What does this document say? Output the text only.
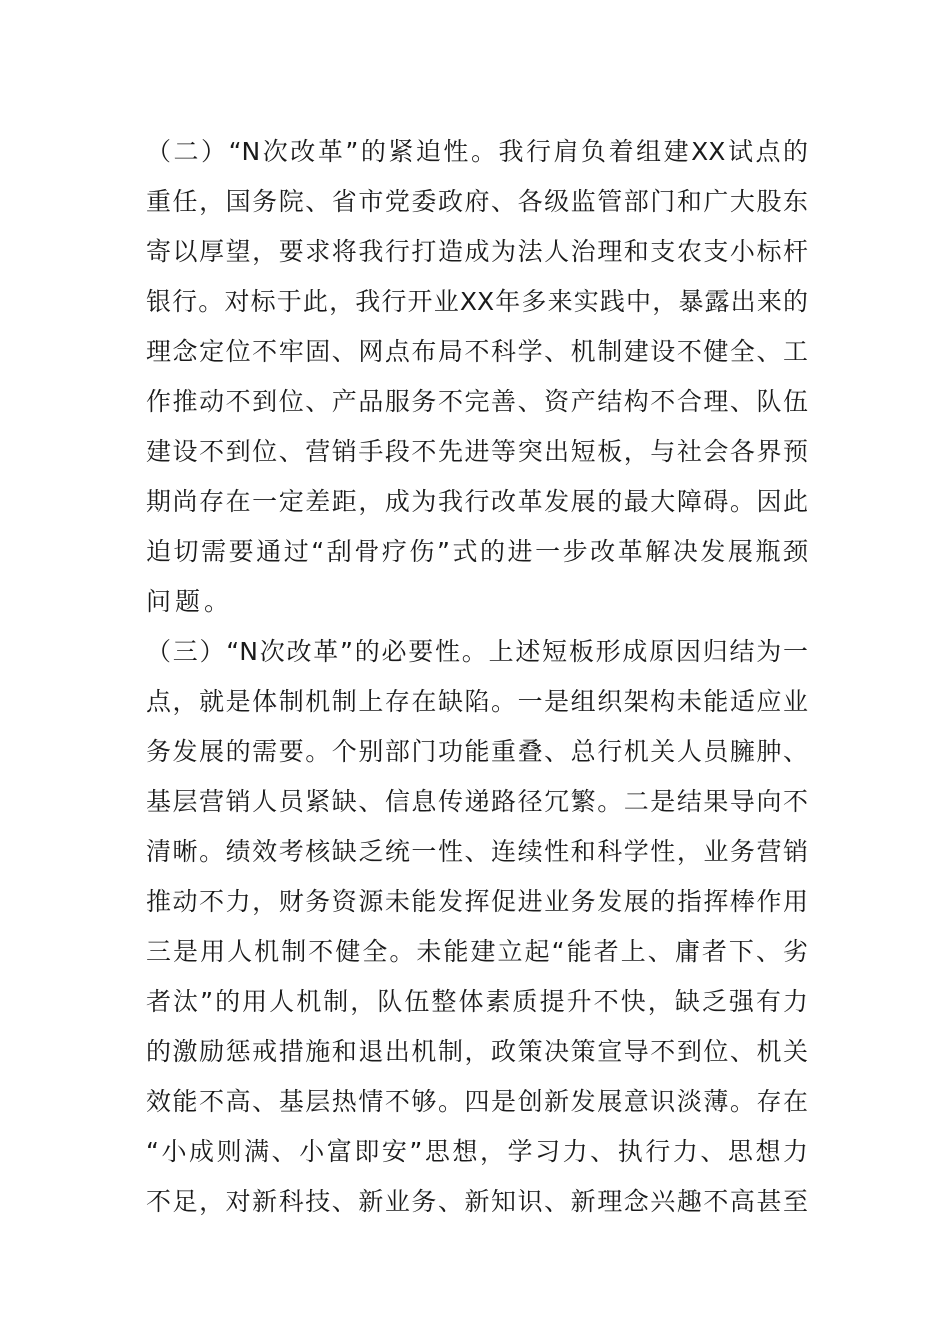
（二）“N次改革”的紧迫性。我行肩负着组建XX试点的
重任，国务院、省市党委政府、各级监管部门和广大股东
寄以厚望，要求将我行打造成为法人治理和支农支小标杆
银行。对标于此，我行开业XX年多来实践中，暴露出来的
理念定位不牢固、网点布局不科学、机制建设不健全、工
作推动不到位、产品服务不完善、资产结构不合理、队伍
建设不到位、营销手段不先进等突出短板，与社会各界预
期尚存在一定差距，成为我行改革发展的最大障碍。因此
迫切需要通过“刮骨疗伤”式的进一步改革解决发展瓶颈
问题。
（三）“N次改革”的必要性。上述短板形成原因归结为一
点，就是体制机制上存在缺陷。一是组织架构未能适应业
务发展的需要。个别部门功能重叠、总行机关人员臃肿、
基层营销人员紧缺、信息传递路径冗繁。二是结果导向不
清晰。绩效考核缺乏统一性、连续性和科学性，业务营销
推动不力，财务资源未能发挥促进业务发展的指挥棒作用
三是用人机制不健全。未能建立起“能者上、庸者下、劣
者汰”的用人机制，队伍整体素质提升不快，缺乏强有力
的激励惩戒措施和退出机制，政策决策宣导不到位、机关
效能不高、基层热情不够。四是创新发展意识淡薄。存在
“小成则满、小富即安”思想，学习力、执行力、思想力
不足，对新科技、新业务、新知识、新理念兴趣不高甚至
